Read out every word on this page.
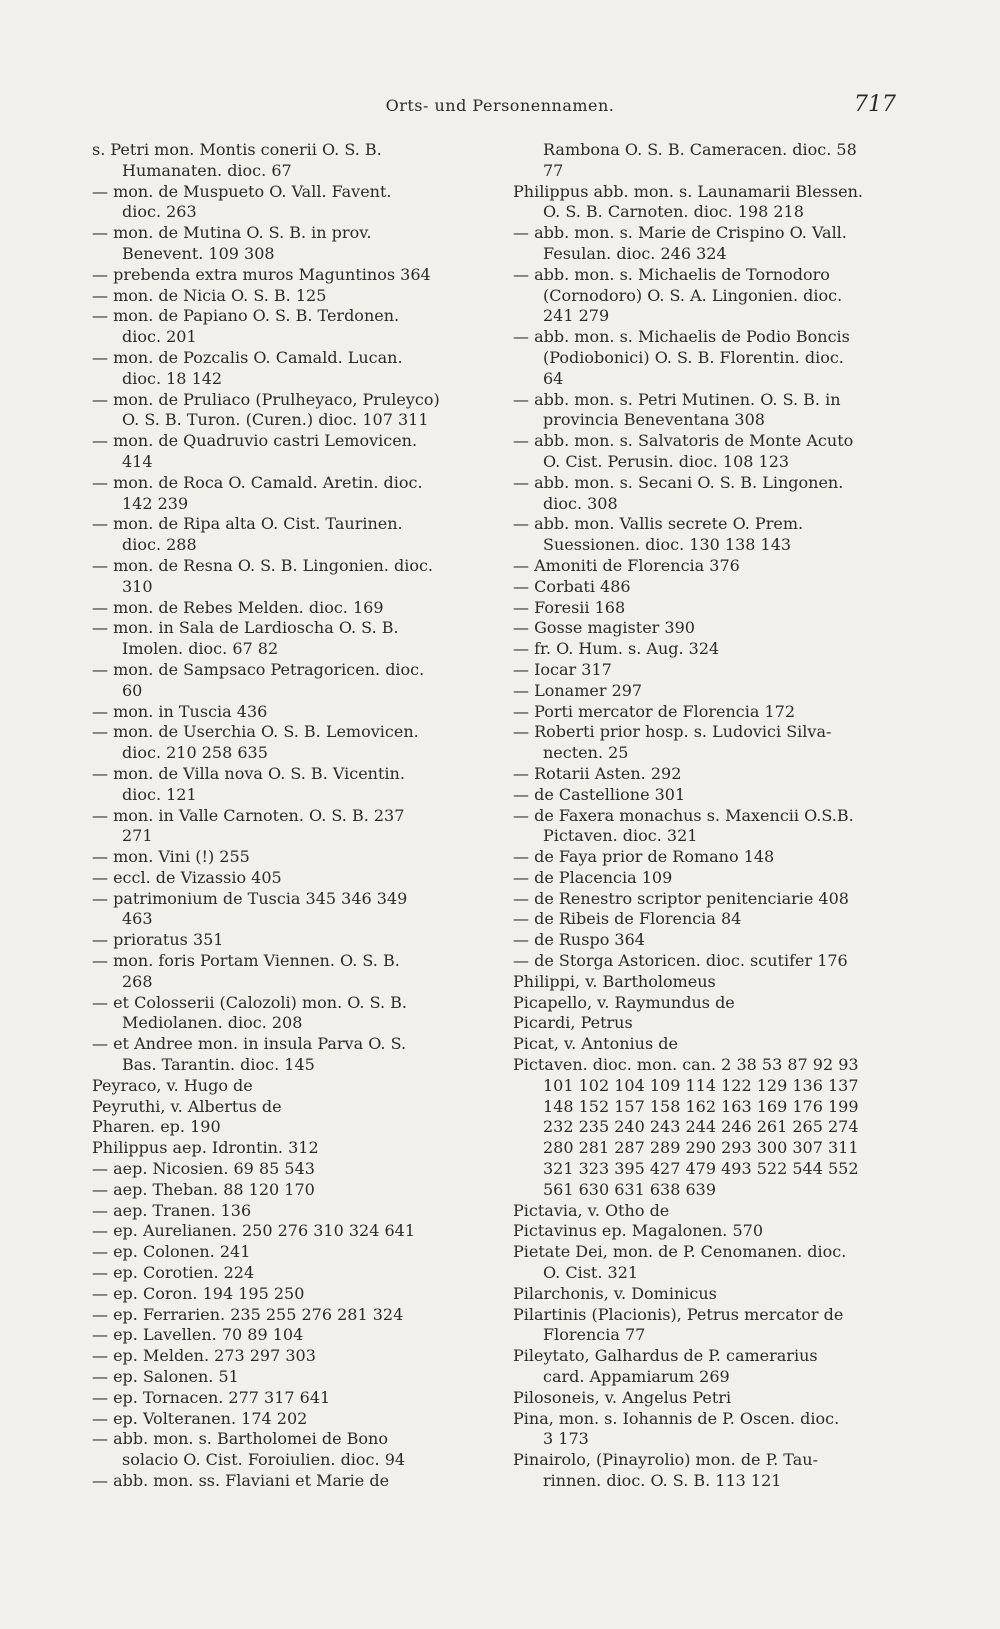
Orts- und Personennamen.	717
s. Petri mon. Montis conerii O. S. B.
Humanaten. dioc. 67
— mon. de Muspueto O. Vall. Favent.
dioc. 263
— mon. de Mutina O. S. B. in prov.
Benevent. 109 308
— prebenda extra muros Maguntinos 364
— mon. de Nicia O. S. B. 125
— mon. de Papiano O. S. B. Terdonen.
dioc. 201
— mon. de Pozcalis O. Camald. Lucan.
dioc. 18 142
— mon. de Pruliaco (Prulheyaco, Pruleyco)
O. S. B. Turon. (Curen.) dioc. 107 311
— mon. de Quadruvio castri Lemovicen.
414
— mon. de Roca O. Camald. Aretin. dioc.
142 239
— mon. de Ripa alta O. Cist. Taurinen.
dioc. 288
— mon. de Resna O. S. B. Lingonien. dioc.
310
— mon. de Rebes Melden. dioc. 169
— mon. in Sala de Lardioscha O. S. B.
Imolen. dioc. 67 82
— mon. de Sampsaco Petragoricen. dioc.
60
— mon. in Tuscia 436
— mon. de Userchia O. S. B. Lemovicen.
dioc. 210 258 635
— mon. de Villa nova O. S. B. Vicentin.
dioc. 121
— mon. in Valle Carnoten. O. S. B. 237
271
— mon. Vini (!) 255
— eccl. de Vizassio 405
— patrimonium de Tuscia 345 346 349
463
— prioratus 351
— mon. foris Portam Viennen. O. S. B.
268
— et Colosserii (Calozoli) mon. O. S. B.
Mediolanen. dioc. 208
— et Andree mon. in insula Parva O. S.
Bas. Tarantin. dioc. 145
Peyraco, v. Hugo de
Peyruthi, v. Albertus de
Pharen. ep. 190
Philippus aep. Idrontin. 312
— aep. Nicosien. 69 85 543
— aep. Theban. 88 120 170
— aep. Tranen. 136
— ep. Aurelianen. 250 276 310 324 641
— ep. Colonen. 241
— ep. Corotien. 224
— ep. Coron. 194 195 250
— ep. Ferrarien. 235 255 276 281 324
— ep. Lavellen. 70 89 104
— ep. Melden. 273 297 303
— ep. Salonen. 51
— ep. Tornacen. 277 317 641
— ep. Volteranen. 174 202
— abb. mon. s. Bartholomei de Bono
solacio O. Cist. Foroiulien. dioc. 94
— abb. mon. ss. Flaviani et Marie de
Rambona O. S. B. Cameracen. dioc. 58
77
Philippus abb. mon. s. Launamarii Blessen.
O. S. B. Carnoten. dioc. 198 218
— abb. mon. s. Marie de Crispino O. Vall.
Fesulan. dioc. 246 324
— abb. mon. s. Michaelis de Tornodoro
(Cornodoro) O. S. A. Lingonien. dioc.
241 279
— abb. mon. s. Michaelis de Podio Boncis
(Podiobonici) O. S. B. Florentin. dioc.
64
— abb. mon. s. Petri Mutinen. O. S. B. in
provincia Beneventana 308
— abb. mon. s. Salvatoris de Monte Acuto
O. Cist. Perusin. dioc. 108 123
— abb. mon. s. Secani O. S. B. Lingonen.
dioc. 308
— abb. mon. Vallis secrete O. Prem.
Suessionen. dioc. 130 138 143
— Amoniti de Florencia 376
— Corbati 486
— Foresii 168
— Gosse magister 390
— fr. O. Hum. s. Aug. 324
— Iocar 317
— Lonamer 297
— Porti mercator de Florencia 172
— Roberti prior hosp. s. Ludovici Silva-
necten. 25
— Rotarii Asten. 292
— de Castellione 301
— de Faxera monachus s. Maxencii O.S.B.
Pictaven. dioc. 321
— de Faya prior de Romano 148
— de Placencia 109
— de Renestro scriptor penitenciarie 408
— de Ribeis de Florencia 84
— de Ruspo 364
— de Storga Astoricen. dioc. scutifer 176
Philippi, v. Bartholomeus
Picapello, v. Raymundus de
Picardi, Petrus
Picat, v. Antonius de
Pictaven. dioc. mon. can. 2 38 53 87 92 93
101 102 104 109 114 122 129 136 137
148 152 157 158 162 163 169 176 199
232 235 240 243 244 246 261 265 274
280 281 287 289 290 293 300 307 311
321 323 395 427 479 493 522 544 552
561 630 631 638 639
Pictavia, v. Otho de
Pictavinus ep. Magalonen. 570
Pietate Dei, mon. de P. Cenomanen. dioc.
O. Cist. 321
Pilarchonis, v. Dominicus
Pilartinis (Placionis), Petrus mercator de
Florencia 77
Pileytato, Galhardus de P. camerarius
card. Appamiarum 269
Pilosoneis, v. Angelus Petri
Pina, mon. s. Iohannis de P. Oscen. dioc.
3 173
Pinairolo, (Pinayrolio) mon. de P. Tau-
rinnen. dioc. O. S. B. 113 121
